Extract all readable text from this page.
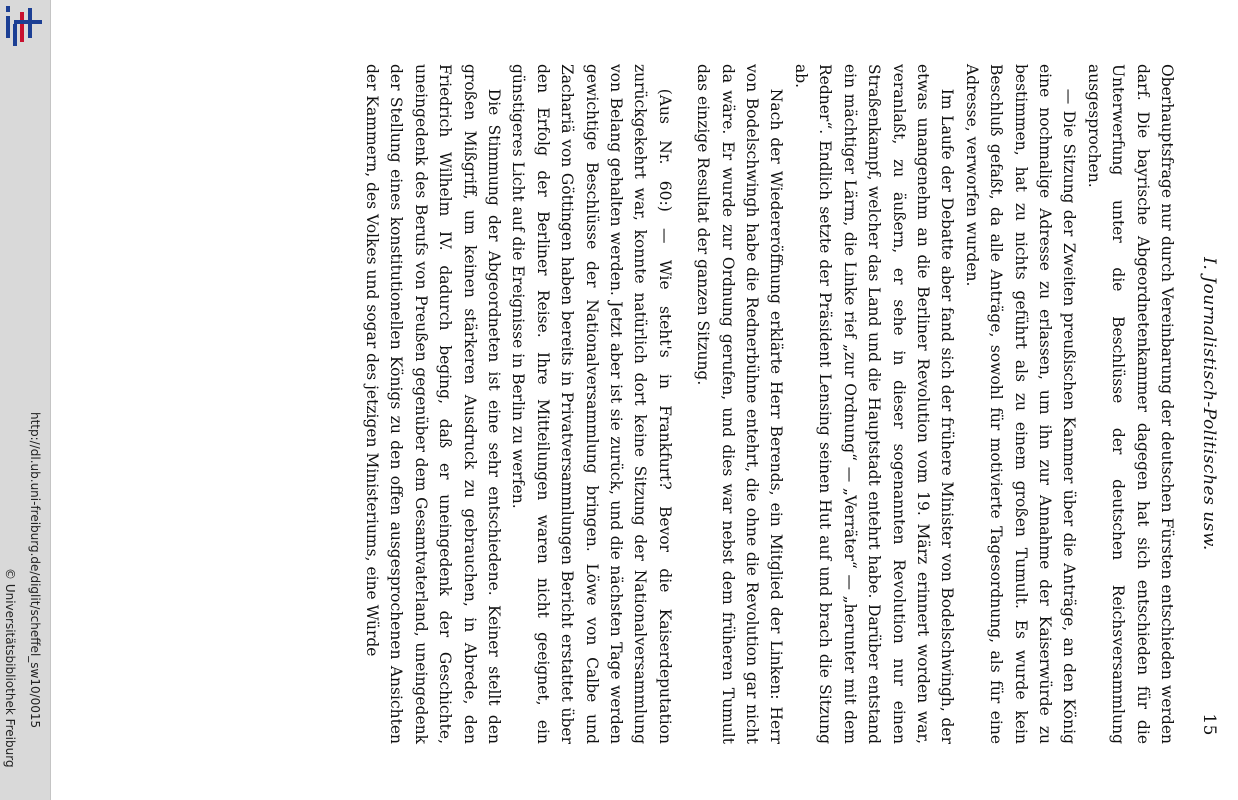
http://dl.ub.uni-freiburg.de/diglit/scheffel_sw10/0015
© Universitätsbibliothek Freiburg
I. Journalistisch-Politisches usw.
15

Oberhauptsfrage nur durch Vereinbarung der deutschen Fürsten entschieden werden darf. Die bayrische Abgeordnetenkammer dagegen hat sich entschieden für die Unterwerfung unter die Beschlüsse der deutschen Reichsversammlung ausgesprochen.

— Die Sitzung der Zweiten preußischen Kammer über die Anträge, an den König eine nochmalige Adresse zu erlassen, um ihn zur Annahme der Kaiserwürde zu bestimmen, hat zu nichts geführt als zu einem großen Tumult. Es wurde kein Beschluß gefaßt, da alle Anträge, sowohl für motivierte Tagesordnung, als für eine Adresse, verworfen wurden.

Im Laufe der Debatte aber fand sich der frühere Minister von Bodelschwingh, der etwas unangenehm an die Berliner Revolution vom 19. März erinnert worden war, veranlaßt, zu äußern, er sehe in dieser sogenannten Revolution nur einen Straßenkampf, welcher das Land und die Hauptstadt entehrt habe. Darüber entstand ein mächtiger Lärm, die Linke rief „zur Ordnung“ — „Verräter“ — „herunter mit dem Redner“. Endlich setzte der Präsident Lensing seinen Hut auf und brach die Sitzung ab.

Nach der Wiedereröffnung erklärte Herr Berends, ein Mitglied der Linken: Herr von Bodelschwingh habe die Rednerbühne entehrt, die ohne die Revolution gar nicht da wäre. Er wurde zur Ordnung gerufen, und dies war nebst dem früheren Tumult das einzige Resultat der ganzen Sitzung.

(Aus Nr. 60:) — Wie steht's in Frankfurt? Bevor die Kaiserdeputation zurückgekehrt war, konnte natürlich dort keine Sitzung der Nationalversammlung von Belang gehalten werden. Jetzt aber ist sie zurück, und die nächsten Tage werden gewichtige Beschlüsse der Nationalversammlung bringen. Löwe von Calbe und Zachariä von Göttingen haben bereits in Privatversammlungen Bericht erstattet über den Erfolg der Berliner Reise. Ihre Mitteilungen waren nicht geeignet, ein günstigeres Licht auf die Ereignisse in Berlin zu werfen.

Die Stimmung der Abgeordneten ist eine sehr entschiedene. Keiner stellt den großen Mißgriff, um keinen stärkeren Ausdruck zu gebrauchen, in Abrede, den Friedrich Wilhelm IV. dadurch beging, daß er uneingedenk der Geschichte, uneingedenk des Berufs von Preußen gegenüber dem Gesamtvaterland, uneingedenk der Stellung eines konstitutionellen Königs zu den offen ausgesprochenen Ansichten der Kammern, des Volkes und sogar des jetzigen Ministeriums, eine Würde
